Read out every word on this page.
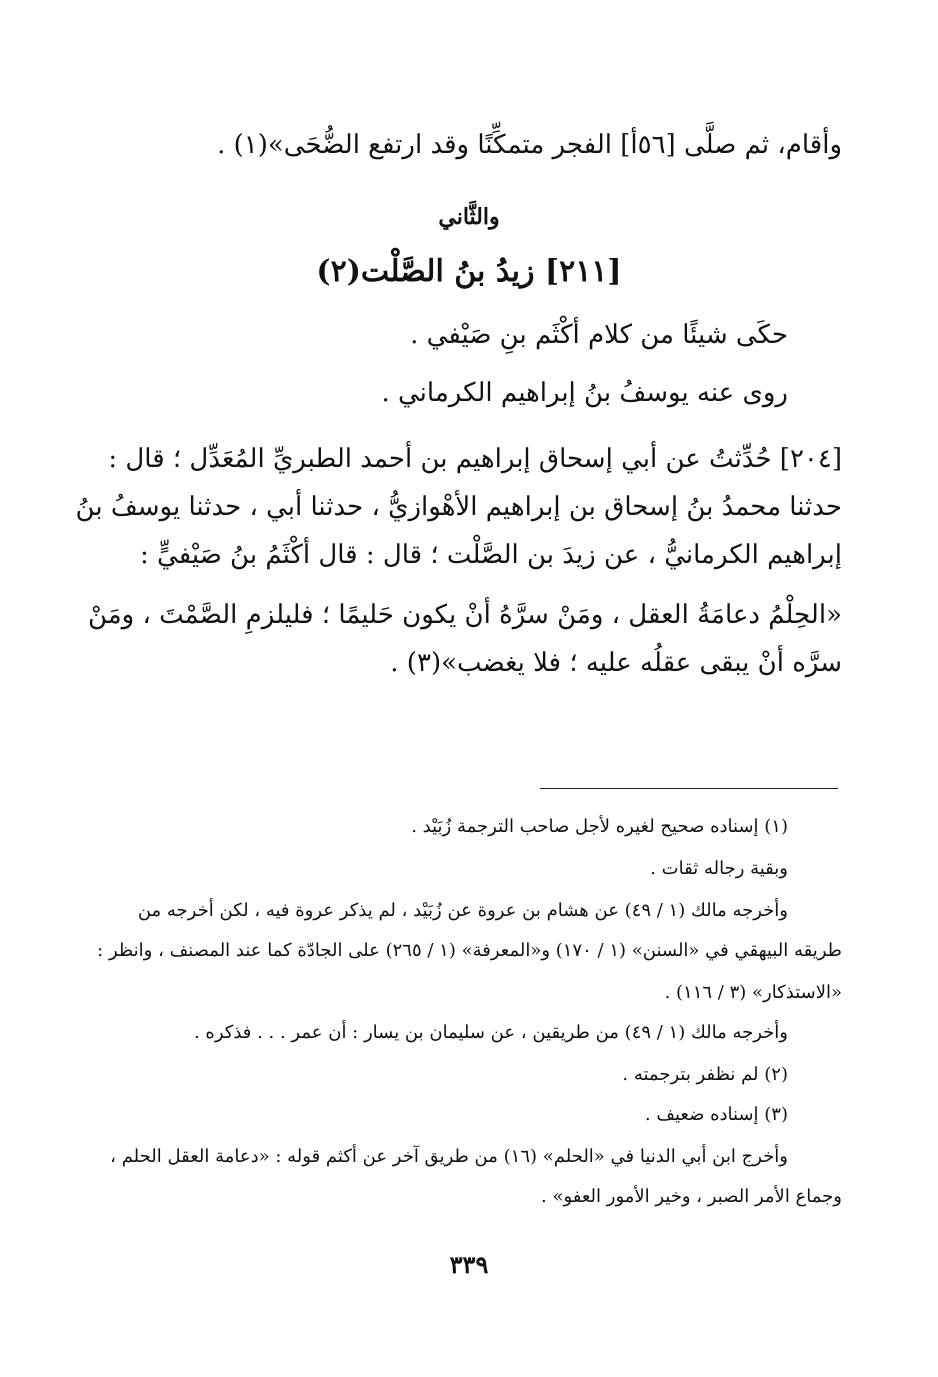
وأقام، ثم صلَّى [٥٦أ] الفجر متمكِّنًا وقد ارتفع الضُّحَى»(١) .
والثَّاني
[٢١١] زيدُ بنُ الصَّلْت(٢)
حكَى شيئًا من كلام أكْثَم بنِ صَيْفي .
روى عنه يوسفُ بنُ إبراهيم الكرماني .
[٢٠٤] حُدِّثتُ عن أبي إسحاق إبراهيم بن أحمد الطبريِّ المُعَدِّل ؛ قال :
حدثنا محمدُ بنُ إسحاق بن إبراهيم الأهْوازيُّ ، حدثنا أبي ، حدثنا يوسفُ بنُ
إبراهيم الكرمانيُّ ، عن زيدَ بن الصَّلْت ؛ قال : قال أكْثَمُ بنُ صَيْفيٍّ :
«الحِلْمُ دعامَةُ العقل ، ومَنْ سرَّهُ أنْ يكون حَليمًا ؛ فليلزمِ الصَّمْتَ ، ومَنْ
سرَّه أنْ يبقى عقلُه عليه ؛ فلا يغضب»(٣) .
(١) إسناده صحيح لغيره لأجل صاحب الترجمة زُبَيْد .
وبقية رجاله ثقات .
وأخرجه مالك (١ / ٤٩) عن هشام بن عروة عن زُبَيْد ، لم يذكر عروة فيه ، لكن أخرجه من
طريقه البيهقي في «السنن» (١ / ١٧٠) و«المعرفة» (١ / ٢٦٥) على الجادّة كما عند المصنف ، وانظر :
«الاستذكار» (٣ / ١١٦) .
وأخرجه مالك (١ / ٤٩) من طريقين ، عن سليمان بن يسار : أن عمر . . . فذكره .
(٢) لم نظفر بترجمته .
(٣) إسناده ضعيف .
وأخرج ابن أبي الدنيا في «الحلم» (١٦) من طريق آخر عن أكثم قوله : «دعامة العقل الحلم ،
وجماع الأمر الصبر ، وخير الأمور العفو» .
٣٣٩
